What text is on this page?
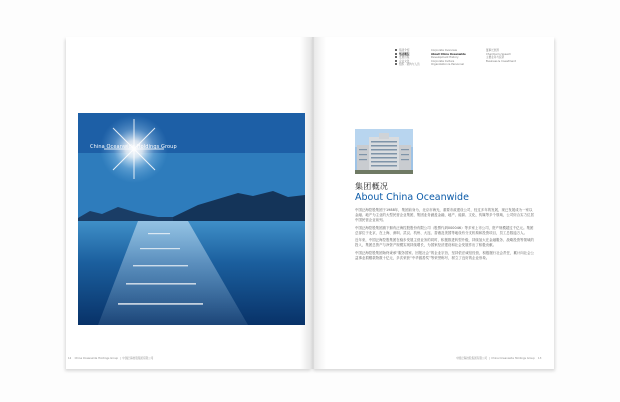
China Oceanwide Holdings Group
12 China Oceanwide Holdings Group  |  中国泛海控股集团有限公司
集团介绍
集团概况
发展历程
企业文化
组织 · 架构与人员
Corporate Overview
About China Oceanwide
Development History
Corporate Culture
Organization & Personnel
董事长致辞
Chairman's Speech
主要业务与投资
Business & Investment
集团概况
About China Oceanwide

中国泛海控股集团于1988年，集团前身为，北京市海光，重要市政建设公司，经过多年的发展，现已发展成为一家以金融、地产为主业的大型民营企业集团，集团业务涵盖金融、地产、能源、文化、传媒等多个领域，公司综合实力位居中国民营企业前列。

中国泛海控股集团旗下拥有泛海控股股份有限公司（股票代码000046）等多家上市公司，资产规模超过千亿元。集团总部位于北京，在上海、深圳、武汉、杭州、大连、香港及美国等地设有分支机构和投资项目，员工总数逾万人。

近年来，中国泛海控股集团在稳步发展主营业务的同时，积极推进转型升级，持续加大在金融服务、战略投资等领域的投入，集团总资产与净资产规模实现持续增长，为国家经济建设和社会发展作出了积极贡献。

中国泛海控股集团始终秉承“服务国家、回报社会”的企业宗旨，坚持依法诚信经营，积极履行社会责任，累计向社会公益事业捐赠款物数十亿元，多次荣获“中华慈善奖”等荣誉称号，树立了良好的企业形象。

中国泛海控股集团有限公司  |  China Oceanwide Holdings Group 13
